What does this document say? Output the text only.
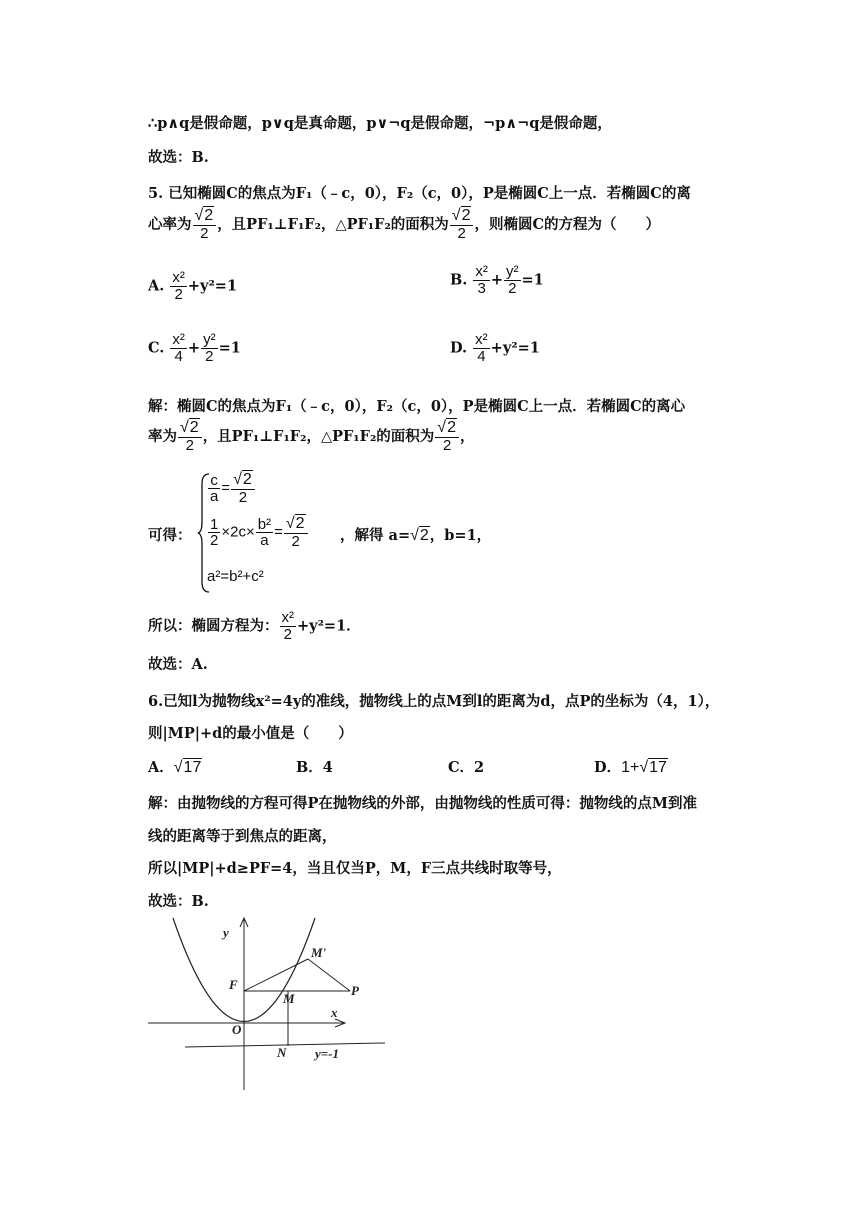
∴p∧q是假命题，p∨q是真命题，p∨¬q是假命题，¬p∧¬q是假命题，
故选：B.
5. 已知椭圆C的焦点为F₁（﹣c，0），F₂（c，0），P是椭圆C上一点．若椭圆C的离
心率为 $\frac{√2}{2}$ ，且PF₁⊥F₁F₂，△PF₁F₂的面积为 $\frac{√2}{2}$ ，则椭圆C的方程为（　　）
A. $\frac{\text{x²}}{2} +y^2=1$	B. $\frac{\text{x²}}{3} + \frac{\text{y²}}{2} =1$
C. $\frac{\text{x²}}{4} + \frac{\text{y²}}{2} =1$	D. $\frac{\text{x²}}{4} +y^2=1$
解：椭圆C的焦点为F₁（﹣c，0），F₂（c，0），P是椭圆C上一点．若椭圆C的离心
率为 $\frac{√2}{2}$ ，且PF₁⊥F₁F₂，△PF₁F₂的面积为 $\frac{√2}{2}$ ，
可得：
$\frac{c}{a} = \frac{√2}{2}$
$\frac{1}{2} \times 2c\times \frac{\text{b²}}{a} = \frac{√2}{2}$
a²=b²+c²
，解得 a=√2，b=1，
所以：椭圆方程为： $\frac{\text{x²}}{2} +y^2=1$．
故选：A.
6.已知l为抛物线x²=4y的准线，抛物线上的点M到l的距离为d，点P的坐标为（4，1），
则|MP|+d的最小值是（　　）
A．√17	B．4	C．2	D．1+√17
解：由抛物线的方程可得P在抛物线的外部，由抛物线的性质可得：抛物线的点M到准
线的距离等于到焦点的距离，
所以|MP|+d≥PF=4，当且仅当P，M，F三点共线时取等号，
故选：B.
y
x
O
F
M'
M
P
N y=-1
